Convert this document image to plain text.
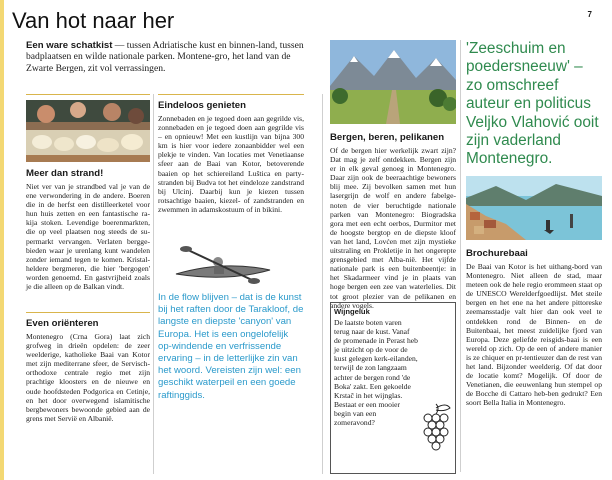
Van hot naar her	7
Een ware schatkist — tussen Adriatische kust en binnen-land, tussen badplaatsen en wilde nationale parken. Montene-gro, het land van de Zwarte Bergen, zit vol verrassingen.
Meer dan strand!
Niet ver van je strandbed val je van de ene verwondering in de andere. Boeren die in de herfst een distilleerketel voor hun huis zetten en een fantastische ra-kija stoken. Levendige boerenmarkten, die op veel plaatsen nog steeds de su-permarkt vervangen. Verlaten bergge-bieden waar je urenlang kunt wandelen zonder iemand tegen te komen. Kristal-heldere bergmeren, die hier 'bergogen' worden genoemd. En gastvrijheid zoals je die alleen op de Balkan vindt.
Even oriënteren
Montenegro (Crna Gora) laat zich grofweg in drieën opdelen: de zeer weelderige, katholieke Baai van Kotor met zijn mediterrane sfeer, de Servisch-orthodoxe centrale regio met zijn prachtige kloosters en de nieuwe en oude hoofdsteden Podgorica en Cetinje, en het door overwegend islamitische bergbewoners bewoonde gebied aan de grens met Servië en Albanië.
Eindeloos genieten
Zonnebaden en je tegoed doen aan gegrilde vis, zonnebaden en je tegoed doen aan gegrilde vis – en opnieuw! Met een kustlijn van bijna 300 km is hier voor iedere zonaanbidder wel een plekje te vinden. Van locaties met Venetiaanse sfeer aan de Baai van Kotor, betoverende baaien op het schiereiland Luštica en party-stranden bij Budva tot het eindeloze zandstrand bij Ulcinj. Daarbij kun je kiezen tussen rotsachtige baaien, kiezel- of zandstranden en zwemmen in adamskostuum of in bikini.
In de flow blijven – dat is de kunst bij het raften door de Tarakloof, de langste en diepste 'canyon' van Europa. Het is een ongelofelijk op-windende en verfrissende ervaring – in de letterlijke zin van het woord. Vereisten zijn wel: een geschikt waterpeil en een goede raftinggids.
Bergen, beren, pelikanen
Of de bergen hier werkelijk zwart zijn? Dat mag je zelf ontdekken. Bergen zijn er in elk geval genoeg in Montenegro. Daar zijn ook de beeraachtige bewoners blij mee. Zij bevolken samen met hun lasergrijn de wolf en andere fabelge-noten de vier beruchtigde nationale parken van Montenegro: Biogradska gora met een echt oerbos, Durmitor met de hoogste bergtop en de diepste kloof van het land, Lovćen met zijn mystieke uitstraling en Prokletije in het ongerepte grensgebied met Alba-nië. Het vijfde nationale park is een buitenbeentje: in het Skadarmeer vind je in plaats van hoge bergen een zee van waterlelies. Dit tot groot plezier van de pelikanen en andere vogels.
Wijngeluk
De laatste boten varen terug naar de kust. Vanaf de promenade in Perast heb je uitzicht op de voor de kust gelegen kerk-eilanden, terwijl de zon langzaam achter de bergen rond 'de Boka' zakt. Een gekoelde Krstač in het wijnglas. Bestaat er een mooier begin van een zomeravond?
'Zeeschuim en poedersneeuw' – zo omschreef auteur en politicus Veljko Vlahović ooit zijn vaderland Montenegro.
Brochurebaai
De Baai van Kotor is het uithang-bord van Montenegro. Niet alleen de stad, maar meteen ook de hele regio erommeen staat op de UNESCO Werelderfgoedlijst. Met steile bergen en het ene na het andere pittoreske zeemansstadje valt hier dan ook veel te ontdekken rond de Binnen- en de Buitenbaai, het meest zuidelijke fjord van Europa. Deze geliefde reisgids-baai is een wereld op zich. Op de een of andere manier is ze chiquer en pr-tentieuzer dan de rest van het land. Bijzonder weelderig. Of dat door de locatie komt? Mogelijk. Of door de Venetianen, die eeuwenlang hun stempel op de Bocche di Cattaro heb-ben gedrukt? Een soort Bella Italia in Montenegro.
